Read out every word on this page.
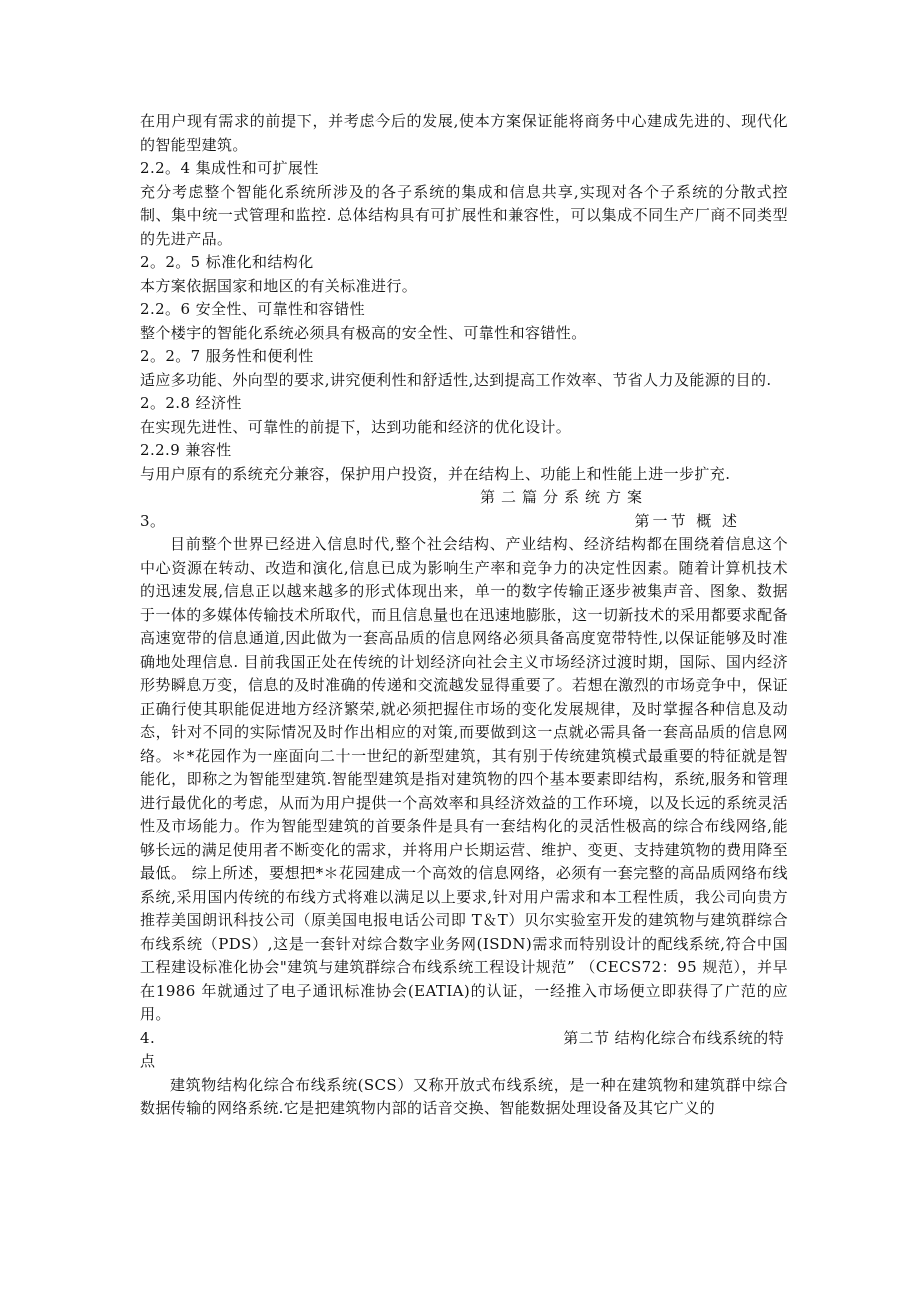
在用户现有需求的前提下，并考虑今后的发展,使本方案保证能将商务中心建成先进的、现代化的智能型建筑。

2.2。4 集成性和可扩展性

充分考虑整个智能化系统所涉及的各子系统的集成和信息共享,实现对各个子系统的分散式控制、集中统一式管理和监控. 总体结构具有可扩展性和兼容性，可以集成不同生产厂商不同类型的先进产品。

2。2。5 标准化和结构化

本方案依据国家和地区的有关标准进行。

2.2。6 安全性、可靠性和容错性

整个楼宇的智能化系统必须具有极高的安全性、可靠性和容错性。

2。2。7 服务性和便利性

适应多功能、外向型的要求,讲究便利性和舒适性,达到提高工作效率、节省人力及能源的目的.

2。2.8 经济性

在实现先进性、可靠性的前提下，达到功能和经济的优化设计。

2.2.9 兼容性

与用户原有的系统充分兼容，保护用户投资，并在结构上、功能上和性能上进一步扩充.

第二篇分系统方案

3。	第一节 概 述

目前整个世界已经进入信息时代,整个社会结构、产业结构、经济结构都在围绕着信息这个中心资源在转动、改造和演化,信息已成为影响生产率和竞争力的决定性因素。随着计算机技术的迅速发展,信息正以越来越多的形式体现出来，单一的数字传输正逐步被集声音、图象、数据于一体的多媒体传输技术所取代，而且信息量也在迅速地膨胀，这一切新技术的采用都要求配备高速宽带的信息通道,因此做为一套高品质的信息网络必须具备高度宽带特性,以保证能够及时准确地处理信息. 目前我国正处在传统的计划经济向社会主义市场经济过渡时期，国际、国内经济形势瞬息万变，信息的及时准确的传递和交流越发显得重要了。若想在激烈的市场竞争中，保证正确行使其职能促进地方经济繁荣,就必须把握住市场的变化发展规律，及时掌握各种信息及动态，针对不同的实际情况及时作出相应的对策,而要做到这一点就必需具备一套高品质的信息网络。＊*花园作为一座面向二十一世纪的新型建筑，其有别于传统建筑模式最重要的特征就是智能化，即称之为智能型建筑.智能型建筑是指对建筑物的四个基本要素即结构，系统,服务和管理进行最优化的考虑，从而为用户提供一个高效率和具经济效益的工作环境，以及长远的系统灵活性及市场能力。作为智能型建筑的首要条件是具有一套结构化的灵活性极高的综合布线网络,能够长远的满足使用者不断变化的需求，并将用户长期运营、维护、变更、支持建筑物的费用降至最低。 综上所述，要想把*＊花园建成一个高效的信息网络，必须有一套完整的高品质网络布线系统,采用国内传统的布线方式将难以满足以上要求,针对用户需求和本工程性质，我公司向贵方推荐美国朗讯科技公司（原美国电报电话公司即 T＆T）贝尔实验室开发的建筑物与建筑群综合布线系统（PDS）,这是一套针对综合数字业务网(ISDN)需求而特别设计的配线系统,符合中国工程建设标准化协会"建筑与建筑群综合布线系统工程设计规范” （CECS72：95 规范），并早在1986 年就通过了电子通讯标准协会(EATIA)的认证，一经推入市场便立即获得了广范的应用。

4.	第二节 结构化综合布线系统的特

点

建筑物结构化综合布线系统(SCS）又称开放式布线系统，是一种在建筑物和建筑群中综合数据传输的网络系统.它是把建筑物内部的话音交换、智能数据处理设备及其它广义的
